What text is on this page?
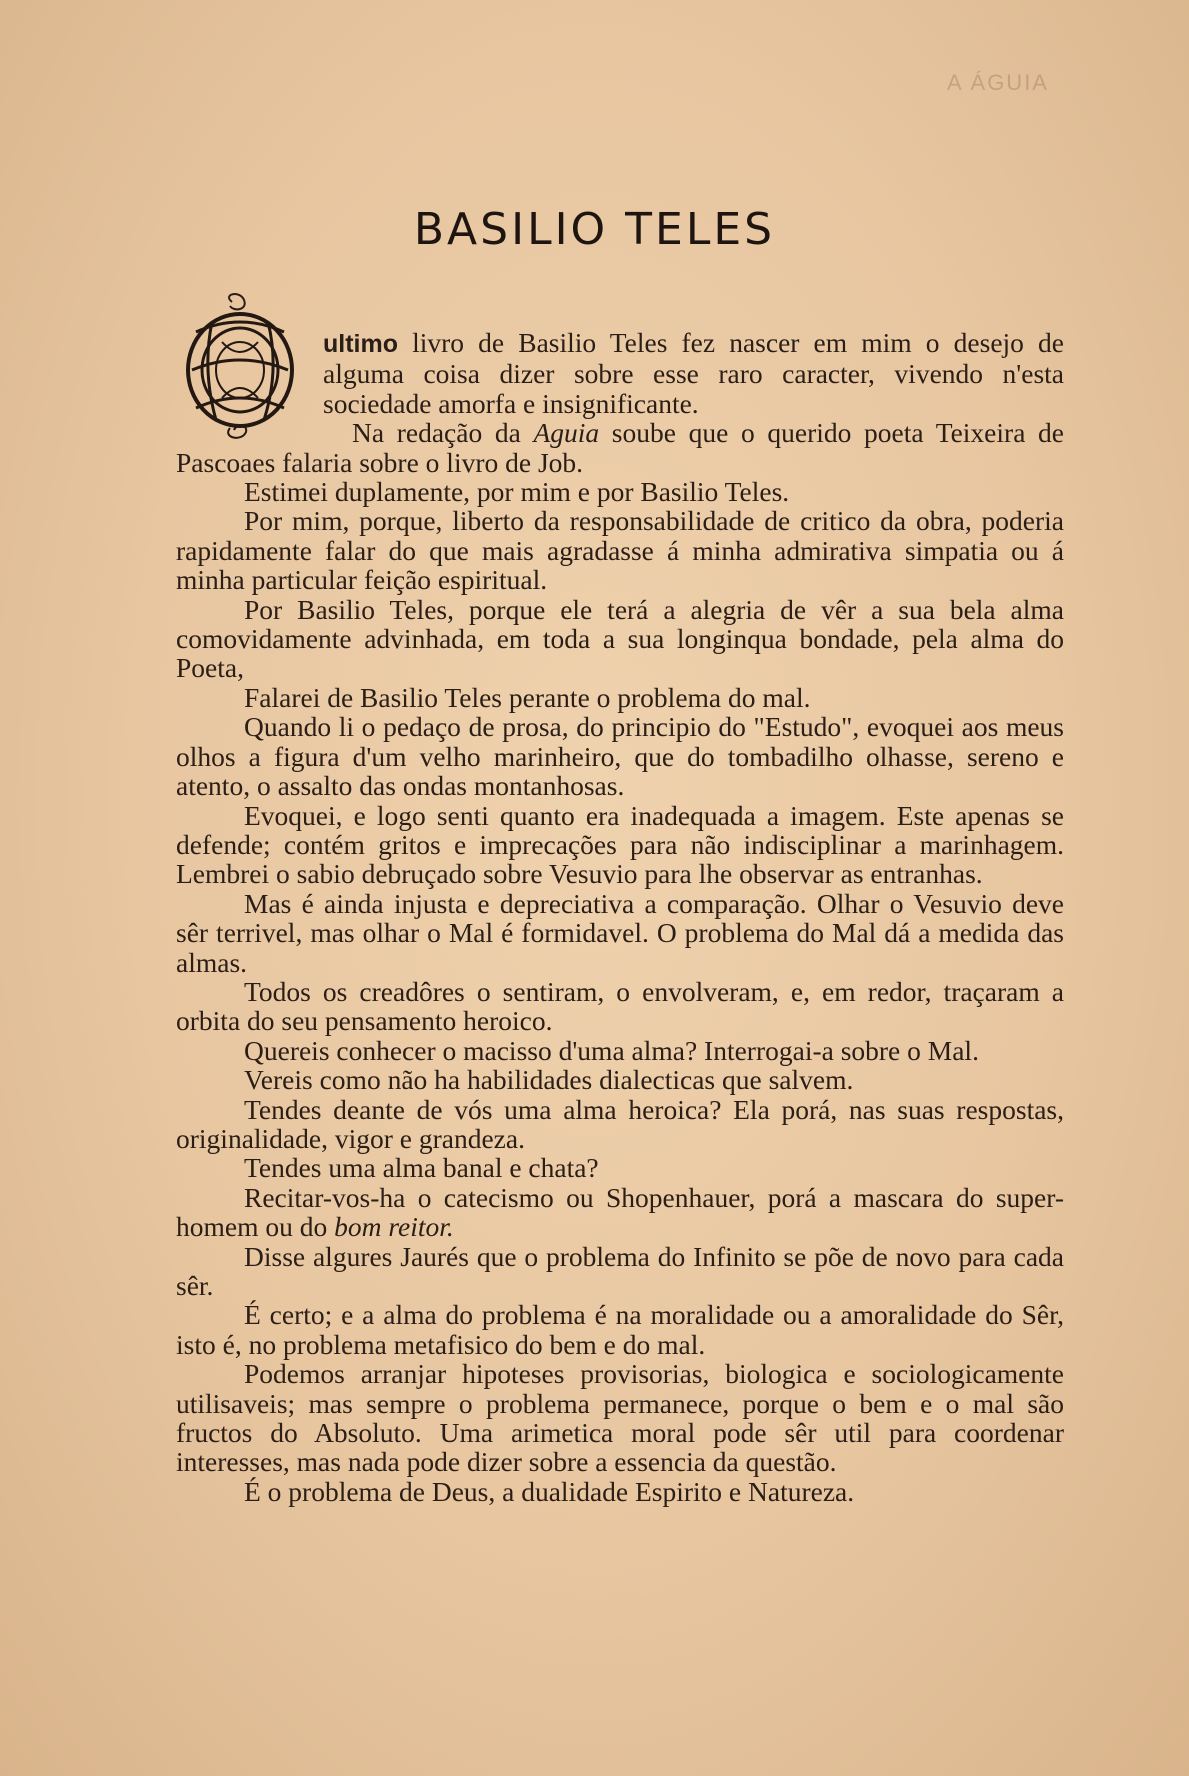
A ÁGUIA
BASILIO TELES
O

ultimo livro de Basilio Teles fez nascer em mim o desejo de alguma coisa dizer sobre esse raro caracter, vivendo n'esta sociedade amorfa e insignificante.

Na redação da Aguia soube que o querido poeta Teixeira de Pascoaes falaria sobre o livro de Job.

Estimei duplamente, por mim e por Basilio Teles.

Por mim, porque, liberto da responsabilidade de critico da obra, poderia rapidamente falar do que mais agradasse á minha admirativa simpatia ou á minha particular feição espiritual.

Por Basilio Teles, porque ele terá a alegria de vêr a sua bela alma comovidamente advinhada, em toda a sua longinqua bondade, pela alma do Poeta,

Falarei de Basilio Teles perante o problema do mal.

Quando li o pedaço de prosa, do principio do "Estudo", evoquei aos meus olhos a figura d'um velho marinheiro, que do tombadilho olhasse, sereno e atento, o assalto das ondas montanhosas.

Evoquei, e logo senti quanto era inadequada a imagem. Este apenas se defende; contém gritos e imprecações para não indisciplinar a marinhagem. Lembrei o sabio debruçado sobre Vesuvio para lhe observar as entranhas.

Mas é ainda injusta e depreciativa a comparação. Olhar o Vesuvio deve sêr terrivel, mas olhar o Mal é formidavel. O problema do Mal dá a medida das almas.

Todos os creadôres o sentiram, o envolveram, e, em redor, traçaram a orbita do seu pensamento heroico.

Quereis conhecer o macisso d'uma alma? Interrogai-a sobre o Mal.

Vereis como não ha habilidades dialecticas que salvem.

Tendes deante de vós uma alma heroica? Ela porá, nas suas respostas, originalidade, vigor e grandeza.

Tendes uma alma banal e chata?

Recitar-vos-ha o catecismo ou Shopenhauer, porá a mascara do super-homem ou do bom reitor.

Disse algures Jaurés que o problema do Infinito se põe de novo para cada sêr.

É certo; e a alma do problema é na moralidade ou a amoralidade do Sêr, isto é, no problema metafisico do bem e do mal.

Podemos arranjar hipoteses provisorias, biologica e sociologicamente utilisaveis; mas sempre o problema permanece, porque o bem e o mal são fructos do Absoluto. Uma arimetica moral pode sêr util para coordenar interesses, mas nada pode dizer sobre a essencia da questão.

É o problema de Deus, a dualidade Espirito e Natureza.
